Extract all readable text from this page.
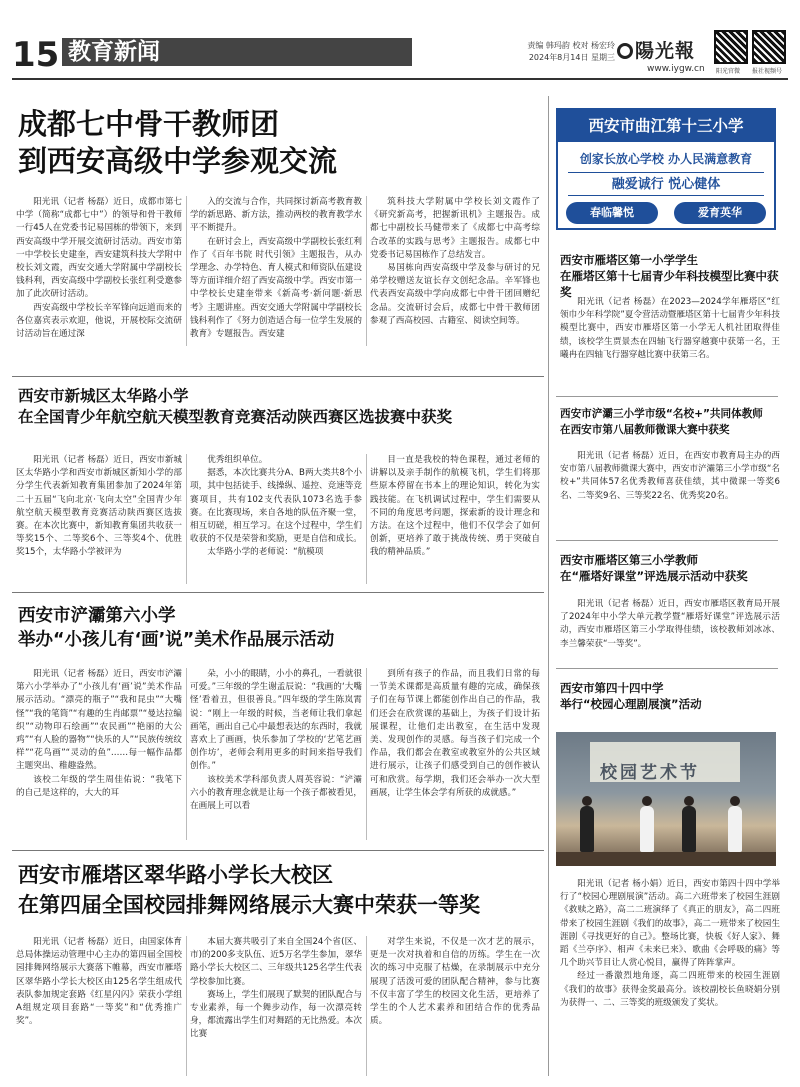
15 教育新闻	责编 韩玛韵 校对 杨宏玲
2024年8月14日 星期三	陽光報
www.iygw.cn 阳光官微 报社视频号
成都七中骨干教师团
到西安高级中学参观交流
阳光讯（记者 杨磊）近日，成都市第七中学（简称“成都七中”）的领导和骨干教师一行45人在党委书记易国栋的带领下，来到西安高级中学开展交流研讨活动。西安市第一中学校长史建奎，西安建筑科技大学附中校长刘文霞，西安交通大学附属中学副校长钱科利，西安高级中学副校长张红利受邀参加了此次研讨活动。
西安高级中学校长辛军锋向远道而来的各位嘉宾表示欢迎，他说，开展校际交流研讨活动旨在通过深
入的交流与合作，共同探讨新高考教育教学的新思路、新方法，推动两校的教育教学水平不断提升。
在研讨会上，西安高级中学副校长张红利作了《百年书院 时代引领》主题报告，从办学理念、办学特色、育人模式和师资队伍建设等方面详细介绍了西安高级中学。西安市第一中学校长史建奎带来《新高考·新问题·新思考》主题讲座。西安交通大学附属中学副校长钱科利作了《努力创造适合每一位学生发展的教育》专题报告。西安建
筑科技大学附属中学校长刘文霞作了《研究新高考，把握新讯机》主题报告。成都七中副校长马健带来了《成都七中高考综合改革的实践与思考》主题报告。成都七中党委书记易国栋作了总结发言。
易国栋向西安高级中学及参与研讨的兄弟学校赠送友谊长存文创纪念品。辛军锋也代表西安高级中学向成都七中骨干团回赠纪念品。交流研讨会后，成都七中骨干教师团参观了西高校园、古籍室、阅读空间等。
西安市新城区太华路小学
在全国青少年航空航天模型教育竞赛活动陕西赛区选拔赛中获奖
阳光讯（记者 杨磊）近日，西安市新城区太华路小学和西安市新城区新知小学的部分学生代表新知教育集团参加了2024年第二十五届“飞向北京·飞向太空”全国青少年航空航天模型教育竞赛活动陕西赛区选拔赛。在本次比赛中，新知教育集团共收获一等奖15个、二等奖6个、三等奖4个、优胜奖15个，太华路小学被评为
优秀组织单位。
据悉，本次比赛共分A、B两大类共8个小项，其中包括徒手、线操纵、遥控、竞速等竞赛项目，共有102支代表队1073名选手参赛。在比赛现场，来自各地的队伍齐聚一堂，相互切磋，相互学习。在这个过程中，学生们收获的不仅是荣誉和奖励，更是自信和成长。
太华路小学的老师说：“航模项
目一直是我校的特色课程，通过老师的讲解以及亲手制作的航模飞机，学生们将那些原本停留在书本上的理论知识，转化为实践技能。在飞机调试过程中，学生们需要从不同的角度思考问题，探索新的设计理念和方法。在这个过程中，他们不仅学会了如何创新，更培养了敢于挑战传统、勇于突破自我的精神品质。”
西安市浐灞第六小学
举办“小孩儿有‘画’说”美术作品展示活动
阳光讯（记者 杨磊）近日，西安市浐灞第六小学举办了“小孩儿有‘画’说”美术作品展示活动。“漂亮的瓶子”“我和昆虫”“大嘴怪”“我的笔筒”“有趣的生肖邮票”“曼达拉编织”“动物印石绘画”“农民画”“艳丽的大公鸡”“有人脸的器物”“快乐的人”“民族传统纹样”“花鸟画”“灵动的鱼”……每一幅作品都主题突出、稚趣盎然。
该校二年级的学生周佳佑说：“我笔下的自己是这样的，大大的耳
朵，小小的眼睛，小小的鼻孔，一看就很可爱。”三年级的学生谢孟辰说：“我画的‘大嘴怪’看着丑，但很善良。”四年级的学生陈岚霄说：“刚上一年级的时候，当老师让我们拿起画笔，画出自己心中最想表达的东西时，我就喜欢上了画画，快乐参加了学校的‘艺笔艺画创作坊’，老师会利用更多的时间来指导我们创作。”
该校美术学科部负责人周英容说：“浐灞六小的教育理念就是让每一个孩子都被看见，在画展上可以看
到所有孩子的作品，而且我们日常的每一节美术课都是高质量有趣的完成，确保孩子们在每节课上都能创作出自己的作品，我们还会在欣赏课的基础上，为孩子们设计拓展课程，让他们走出教室，在生活中发现美、发现创作的灵感。每当孩子们完成一个作品，我们都会在教室或教室外的公共区域进行展示，让孩子们感受到自己的创作被认可和欣赏。每学期，我们还会举办一次大型画展，让学生体会学有所获的成就感。”
西安市雁塔区翠华路小学长大校区
在第四届全国校园排舞网络展示大赛中荣获一等奖
阳光讯（记者 杨磊）近日，由国家体育总局体操运动管理中心主办的第四届全国校园排舞网络展示大赛落下帷幕，西安市雁塔区翠华路小学长大校区由125名学生组成代表队参加规定套路《红星闪闪》荣获小学组A组规定项目套路“一等奖”和“优秀推广奖”。
本届大赛共吸引了来自全国24个省(区、市)的200多支队伍、近5万名学生参加，翠华路小学长大校区二、三年级共125名学生代表学校参加比赛。
赛场上，学生们展现了默契的团队配合与专业素养，每一个舞步动作，每一次漂亮转身，都流露出学生们对舞蹈的无比热爱。本次比赛
对学生来说，不仅是一次才艺的展示，更是一次对执着和自信的历练。学生在一次次的练习中克服了枯燥，在录制展示中充分展现了活泼可爱的团队配合精神，参与比赛不仅丰富了学生的校园文化生活，更培养了学生的个人艺术素养和团结合作的优秀品质。
西安市曲江第十三小学
创家长放心学校 办人民满意教育
融爱诚行 悦心健体
春临馨悦	爱育英华
西安市雁塔区第一小学学生
在雁塔区第十七届青少年科技模型比赛中获奖
阳光讯（记者 杨磊）在2023—2024学年雁塔区“红领巾少年科学院”夏令营活动暨雁塔区第十七届青少年科技模型比赛中，西安市雁塔区第一小学无人机社团取得佳绩，该校学生贾景杰在四轴飞行器穿越赛中获第一名，王曦冉在四轴飞行器穿越比赛中获第三名。
西安市浐灞三小学市级“名校+”共同体教师
在西安市第八届教师微课大赛中获奖
阳光讯（记者 杨磊）近日，在西安市教育局主办的西安市第八届教师微课大赛中，西安市浐灞第三小学市级“名校+”共同体57名优秀教师喜获佳绩，其中微课一等奖6名、二等奖9名、三等奖22名、优秀奖20名。
西安市雁塔区第三小学教师
在“雁塔好课堂”评选展示活动中获奖
阳光讯（记者 杨磊）近日，西安市雁塔区教育局开展了2024年中小学大单元教学暨“雁塔好课堂”评选展示活动，西安市雁塔区第三小学取得佳绩，该校教师刘冰冰、李兰馨荣获“一等奖”。
西安市第四十四中学
举行“校园心理剧展演”活动
校园艺术节
阳光讯（记者 杨小娟）近日，西安市第四十四中学举行了“校园心理剧展演”活动。高二六班带来了校园生涯剧《救赎之路》，高二二班演绎了《真正的朋友》，高二四班带来了校园生涯剧《我们的故事》，高二一班带来了校园生涯剧《寻找更好的自己》。整场比赛，快板《好人家》、舞蹈《兰亭序》、相声《未来已来》、歌曲《会呼吸的痛》等几个助兴节目让人赏心悦目，赢得了阵阵掌声。
经过一番激烈地角逐，高二四班带来的校园生涯剧《我们的故事》获得金奖最高分。该校副校长鱼晓娟分别为获得一、二、三等奖的班级颁发了奖状。
